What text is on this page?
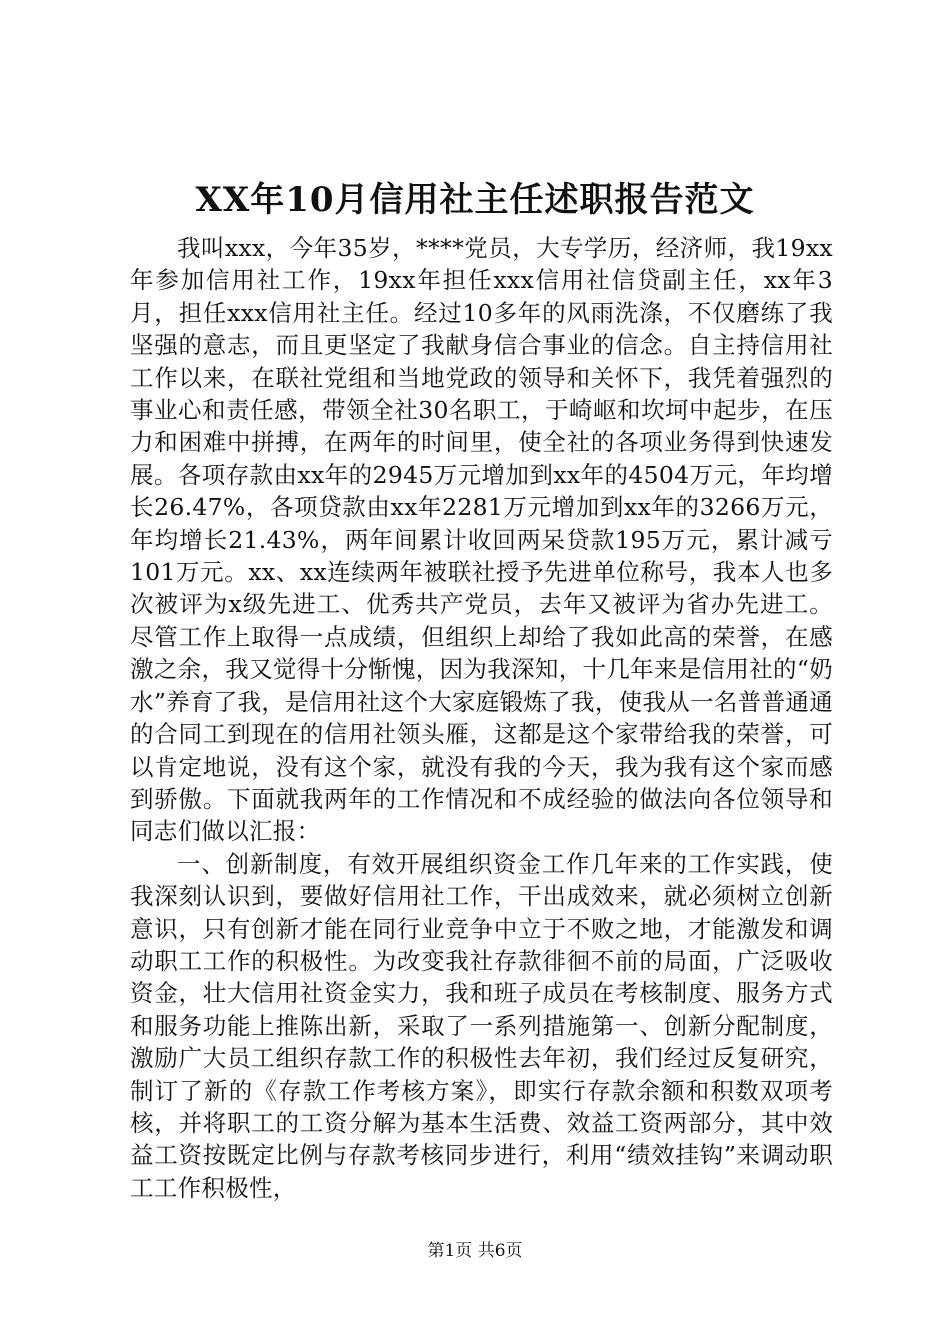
XX年10月信用社主任述职报告范文

我叫xxx，今年35岁，****党员，大专学历，经济师，我19xx年参加信用社工作，19xx年担任xxx信用社信贷副主任，xx年3月，担任xxx信用社主任。经过10多年的风雨洗涤，不仅磨练了我坚强的意志，而且更坚定了我献身信合事业的信念。自主持信用社工作以来，在联社党组和当地党政的领导和关怀下，我凭着强烈的事业心和责任感，带领全社30名职工，于崎岖和坎坷中起步，在压力和困难中拼搏，在两年的时间里，使全社的各项业务得到快速发展。各项存款由xx年的2945万元增加到xx年的4504万元，年均增长26.47%，各项贷款由xx年2281万元增加到xx年的3266万元，年均增长21.43%，两年间累计收回两呆贷款195万元，累计减亏101万元。xx、xx连续两年被联社授予先进单位称号，我本人也多次被评为x级先进工、优秀共产党员，去年又被评为省办先进工。尽管工作上取得一点成绩，但组织上却给了我如此高的荣誉，在感激之余，我又觉得十分惭愧，因为我深知，十几年来是信用社的“奶水”养育了我，是信用社这个大家庭锻炼了我，使我从一名普普通通的合同工到现在的信用社领头雁，这都是这个家带给我的荣誉，可以肯定地说，没有这个家，就没有我的今天，我为我有这个家而感到骄傲。下面就我两年的工作情况和不成经验的做法向各位领导和同志们做以汇报：

一、创新制度，有效开展组织资金工作几年来的工作实践，使我深刻认识到，要做好信用社工作，干出成效来，就必须树立创新意识，只有创新才能在同行业竞争中立于不败之地，才能激发和调动职工工作的积极性。为改变我社存款徘徊不前的局面，广泛吸收资金，壮大信用社资金实力，我和班子成员在考核制度、服务方式和服务功能上推陈出新，采取了一系列措施第一、创新分配制度，激励广大员工组织存款工作的积极性去年初，我们经过反复研究，制订了新的《存款工作考核方案》，即实行存款余额和积数双项考核，并将职工的工资分解为基本生活费、效益工资两部分，其中效益工资按既定比例与存款考核同步进行，利用“绩效挂钩”来调动职工工作积极性，

第1页 共6页
